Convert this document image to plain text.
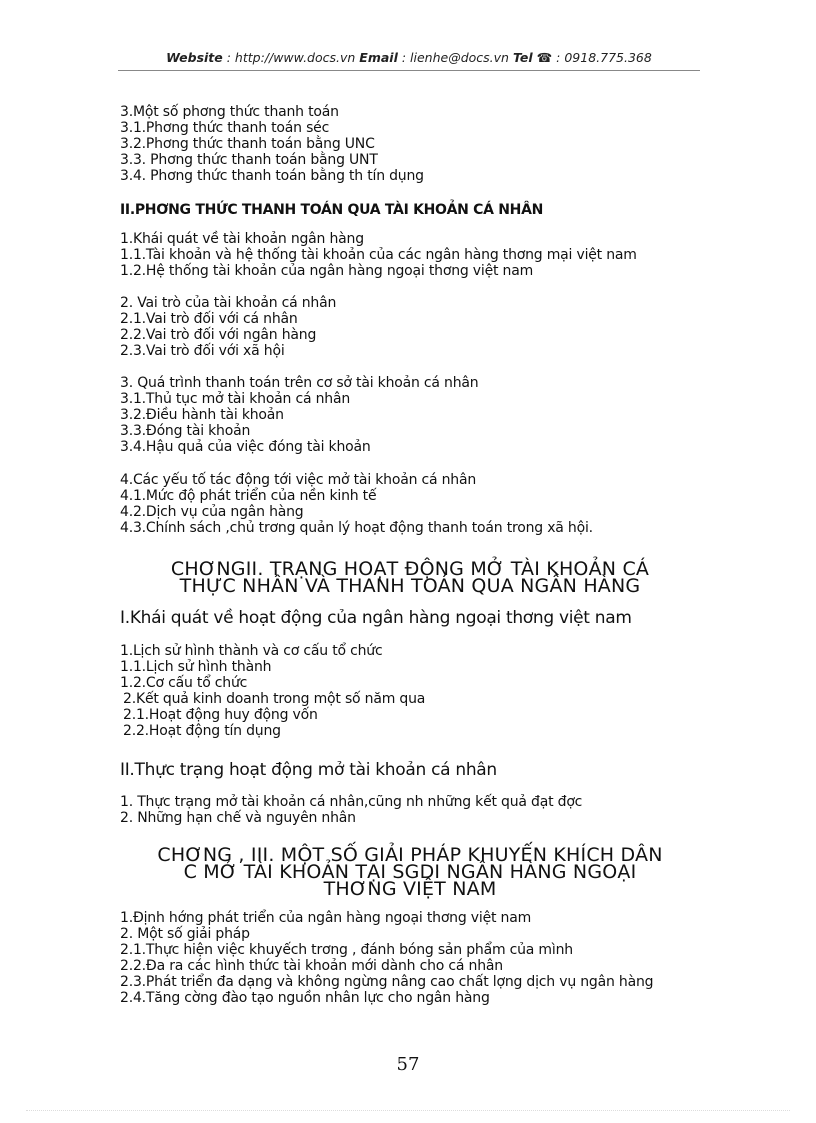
Website : http://www.docs.vn Email : lienhe@docs.vn Tel ☎ : 0918.775.368
3.Một số phơng thức thanh toán
3.1.Phơng thức thanh toán séc
3.2.Phơng thức thanh toán bằng UNC
3.3. Phơng thức thanh toán bằng UNT
3.4. Phơng thức thanh toán bằng th tín dụng
II.PHƠNG THỨC THANH TOÁN QUA TÀI KHOẢN CÁ NHÂN
1.Khái quát về tài khoản ngân hàng
1.1.Tài khoản và hệ thống tài khoản của các ngân hàng thơng mại việt nam
1.2.Hệ thống tài khoản của ngân hàng ngoại thơng việt nam
2. Vai trò của tài khoản cá nhân
2.1.Vai trò đối với cá nhân
2.2.Vai trò đối với ngân hàng
2.3.Vai trò đối với xã hội
3. Quá trình thanh toán trên cơ sở tài khoản cá nhân
3.1.Thủ tục mở tài khoản cá nhân
3.2.Điều hành tài khoản
3.3.Đóng tài khoản
3.4.Hậu quả của việc đóng tài khoản
4.Các yếu tố tác động tới việc mở tài khoản cá nhân
4.1.Mức độ phát triển của nền kinh tế
4.2.Dịch vụ của ngân hàng
4.3.Chính sách ,chủ trơng quản lý hoạt động thanh toán trong xã hội.
CHƠNGII. TRẠNG HOẠT ĐỘNG MỞ TÀI KHOẢN CÁ
THỰC NHÂN VÀ THANH TOÁN QUA NGÂN HÀNG
I.Khái quát về hoạt động của ngân hàng ngoại thơng việt nam
1.Lịch sử hình thành và cơ cấu tổ chức
1.1.Lịch sử hình thành
1.2.Cơ cấu tổ chức
2.Kết quả kinh doanh trong một số năm qua
2.1.Hoạt động huy động vốn
2.2.Hoạt động tín dụng
II.Thực trạng hoạt động mở tài khoản cá nhân
1. Thực trạng mở tài khoản cá nhân,cũng nh những kết quả đạt đợc
2. Những hạn chế và nguyên nhân
CHƠNG , III. MỘT SỐ GIẢI PHÁP KHUYẾN KHÍCH DÂN
C MỞ TÀI KHOẢN TẠI SGDI NGÂN HÀNG NGOẠI
THƠNG VIỆT NAM
1.Định hớng phát triển của ngân hàng ngoại thơng việt nam
2. Một số giải pháp
2.1.Thực hiện việc khuyếch trơng , đánh bóng sản phẩm của mình
2.2.Đa ra các hình thức tài khoản mới dành cho cá nhân
2.3.Phát triển đa dạng và không ngừng nâng cao chất lợng dịch vụ ngân hàng
2.4.Tăng cờng đào tạo nguồn nhân lực cho ngân hàng
57
